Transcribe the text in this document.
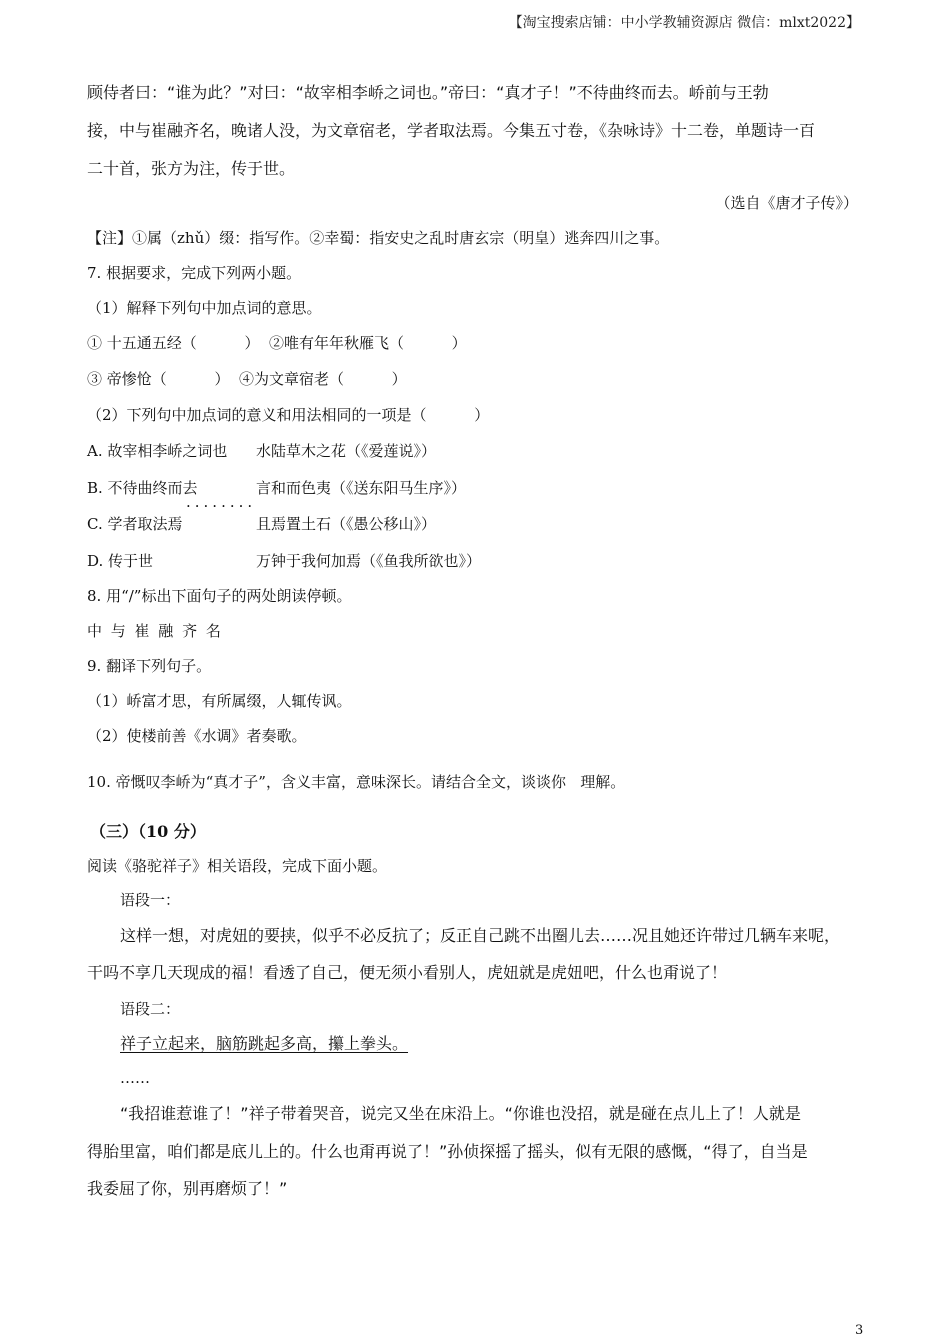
【淘宝搜索店铺：中小学教辅资源店 微信：mlxt2022】
顾侍者曰：“谁为此？”对曰：“故宰相李峤之词也。”帝曰：“真才子！”不待曲终而去。峤前与王勃
接，中与崔融齐名，晚诸人没，为文章宿老，学者取法焉。今集五寸卷，《杂咏诗》十二卷，单题诗一百
二十首，张方为注，传于世。
（选自《唐才子传》）
【注】①属（zhǔ）缀：指写作。②幸蜀：指安史之乱时唐玄宗（明皇）逃奔四川之事。
7. 根据要求，完成下列两小题。
（1）解释下列句中加点词的意思。
① 十五通五经（          ）  ②唯有年年秋雁飞（          ）
③ 帝惨怆（          ）  ④为文章宿老（          ）
（2）下列句中加点词的意义和用法相同的一项是（          ）
A. 故宰相李峤之词也 水陆草木之花（《爱莲说》）
B. 不待曲终而去	言和而色夷（《送东阳马生序》）
········
C. 学者取法焉	且焉置土石（《愚公移山》）
D. 传于世	万钟于我何加焉（《鱼我所欲也》）
8. 用“/”标出下面句子的两处朗读停顿。
中 与 崔 融 齐 名
9. 翻译下列句子。
（1）峤富才思，有所属缀，人辄传讽。
（2）使楼前善《水调》者奏歌。
10. 帝慨叹李峤为“真才子”，含义丰富，意味深长。请结合全文，谈谈你   理解。
（三）（10 分）
阅读《骆驼祥子》相关语段，完成下面小题。
语段一：
这样一想，对虎妞的要挟，似乎不必反抗了；反正自己跳不出圈儿去……况且她还许带过几辆车来呢，
干吗不享几天现成的福！看透了自己，便无须小看别人，虎妞就是虎妞吧，什么也甭说了！
语段二：
祥子立起来，脑筋跳起多高，攥上拳头。
……
“我招谁惹谁了！”祥子带着哭音，说完又坐在床沿上。“你谁也没招，就是碰在点儿上了！人就是
得胎里富，咱们都是底儿上的。什么也甭再说了！”孙侦探摇了摇头，似有无限的感慨，“得了，自当是
我委屈了你，别再磨烦了！”
3
